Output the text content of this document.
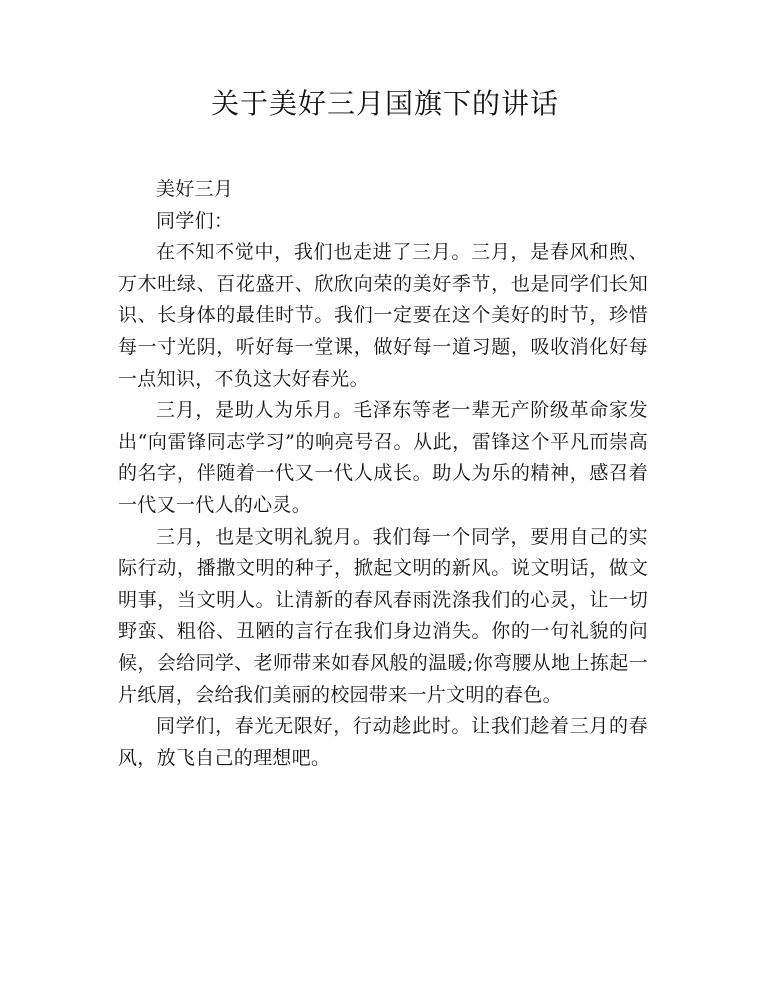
关于美好三月国旗下的讲话

美好三月

同学们：

在不知不觉中，我们也走进了三月。三月，是春风和煦、万木吐绿、百花盛开、欣欣向荣的美好季节，也是同学们长知识、长身体的最佳时节。我们一定要在这个美好的时节，珍惜每一寸光阴，听好每一堂课，做好每一道习题，吸收消化好每一点知识，不负这大好春光。

三月，是助人为乐月。毛泽东等老一辈无产阶级革命家发出“向雷锋同志学习”的响亮号召。从此，雷锋这个平凡而崇高的名字，伴随着一代又一代人成长。助人为乐的精神，感召着一代又一代人的心灵。

三月，也是文明礼貌月。我们每一个同学，要用自己的实际行动，播撒文明的种子，掀起文明的新风。说文明话，做文明事，当文明人。让清新的春风春雨洗涤我们的心灵，让一切野蛮、粗俗、丑陋的言行在我们身边消失。你的一句礼貌的问候，会给同学、老师带来如春风般的温暖;你弯腰从地上拣起一片纸屑，会给我们美丽的校园带来一片文明的春色。

同学们，春光无限好，行动趁此时。让我们趁着三月的春风，放飞自己的理想吧。
